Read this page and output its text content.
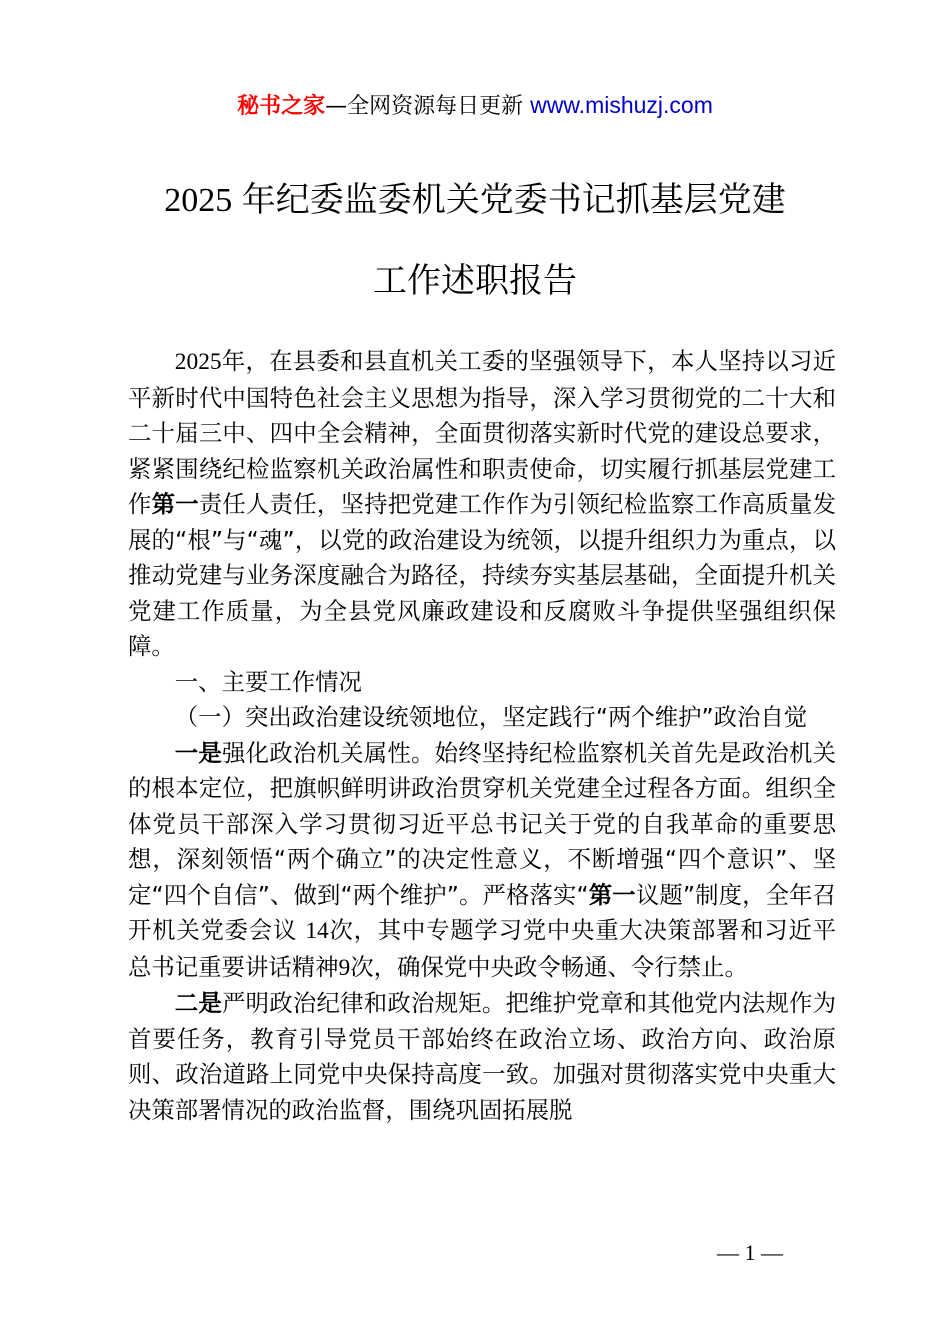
秘书之家—全网资源每日更新 www.mishuzj.com
2025 年纪委监委机关党委书记抓基层党建
工作述职报告

2025年，在县委和县直机关工委的坚强领导下，本人坚持以习近平新时代中国特色社会主义思想为指导，深入学习贯彻党的二十大和二十届三中、四中全会精神，全面贯彻落实新时代党的建设总要求，紧紧围绕纪检监察机关政治属性和职责使命，切实履行抓基层党建工作第一责任人责任，坚持把党建工作作为引领纪检监察工作高质量发展的“根”与“魂”，以党的政治建设为统领，以提升组织力为重点，以推动党建与业务深度融合为路径，持续夯实基层基础，全面提升机关党建工作质量，为全县党风廉政建设和反腐败斗争提供坚强组织保障。

一、主要工作情况

（一）突出政治建设统领地位，坚定践行“两个维护”政治自觉

一是强化政治机关属性。始终坚持纪检监察机关首先是政治机关的根本定位，把旗帜鲜明讲政治贯穿机关党建全过程各方面。组织全体党员干部深入学习贯彻习近平总书记关于党的自我革命的重要思想，深刻领悟“两个确立”的决定性意义，不断增强“四个意识”、坚定“四个自信”、做到“两个维护”。严格落实“第一议题”制度，全年召开机关党委会议 14次，其中专题学习党中央重大决策部署和习近平总书记重要讲话精神9次，确保党中央政令畅通、令行禁止。

二是严明政治纪律和政治规矩。把维护党章和其他党内法规作为首要任务，教育引导党员干部始终在政治立场、政治方向、政治原则、政治道路上同党中央保持高度一致。加强对贯彻落实党中央重大决策部署情况的政治监督，围绕巩固拓展脱

— 1 —
